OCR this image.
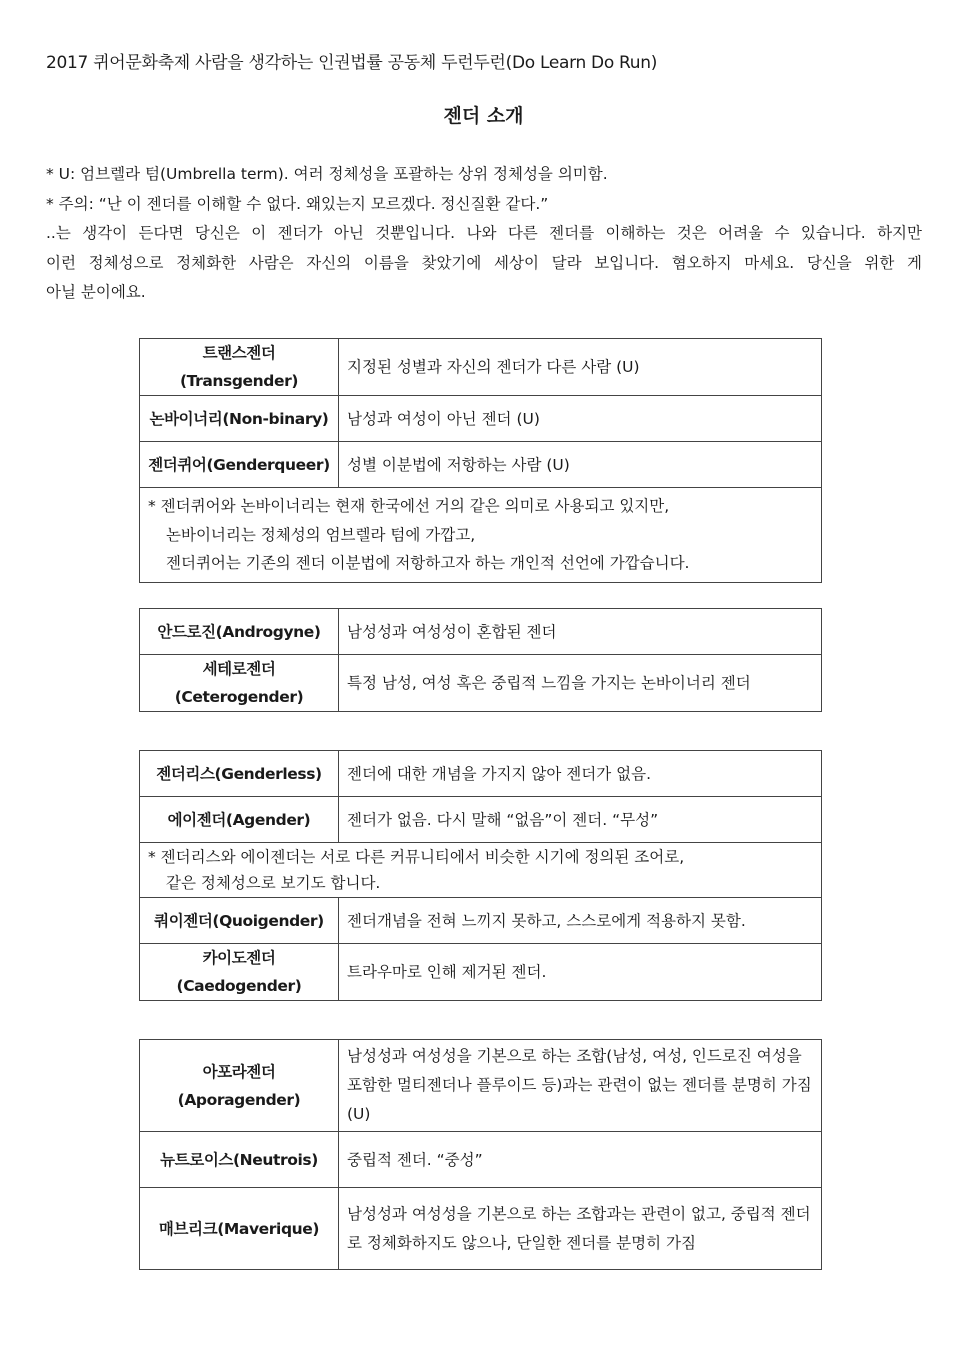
2017 퀴어문화축제 사람을 생각하는 인권법률 공동체 두런두런(Do Learn Do Run)
젠더 소개

* U: 엄브렐라 텀(Umbrella term). 여러 정체성을 포괄하는 상위 정체성을 의미함.

* 주의: “난 이 젠더를 이해할 수 없다. 왜있는지 모르겠다. 정신질환 같다.”

..는 생각이 든다면 당신은 이 젠더가 아닌 것뿐입니다. 나와 다른 젠더를 이해하는 것은 어려울 수 있습니다. 하지만

이런 정체성으로 정체화한 사람은 자신의 이름을 찾았기에 세상이 달라 보입니다. 혐오하지 마세요. 당신을 위한 게

아닐 분이에요.

트랜스젠더(Transgender)	지정된 성별과 자신의 젠더가 다른 사람 (U)
논바이너리(Non-binary)	남성과 여성이 아닌 젠더 (U)
젠더퀴어(Genderqueer)	성별 이분법에 저항하는 사람 (U)

* 젠더퀴어와 논바이너리는 현재 한국에선 거의 같은 의미로 사용되고 있지만,
논바이너리는 정체성의 엄브렐라 텀에 가깝고,
젠더퀴어는 기존의 젠더 이분법에 저항하고자 하는 개인적 선언에 가깝습니다.	
안드로진(Androgyne)	남성성과 여성성이 혼합된 젠더

세테로젠더
(Ceterogender)	특정 남성, 여성 혹은 중립적 느낌을 가지는 논바이너리 젠더
젠더리스(Genderless)	젠더에 대한 개념을 가지지 않아 젠더가 없음.
에이젠더(Agender)	젠더가 없음. 다시 말해 “없음”이 젠더. “무성”

* 젠더리스와 에이젠더는 서로 다른 커뮤니티에서 비슷한 시기에 정의된 조어로,
같은 정체성으로 보기도 합니다.	

쿼이젠더(Quoigender)	젠더개념을 전혀 느끼지 못하고, 스스로에게 적용하지 못함.

카이도젠더
(Caedogender)	트라우마로 인해 제거된 젠더.
아포라젠더
(Aporagender)	남성성과 여성성을 기본으로 하는 조합(남성, 여성, 인드로진 여성을 포함한 멀티젠더나 플루이드 등)과는 관련이 없는 젠더를 분명히 가짐 (U)
뉴트로이스(Neutrois)	중립적 젠더. “중성”
매브리크(Maverique)	남성성과 여성성을 기본으로 하는 조합과는 관련이 없고, 중립적 젠더로 정체화하지도 않으나, 단일한 젠더를 분명히 가짐
